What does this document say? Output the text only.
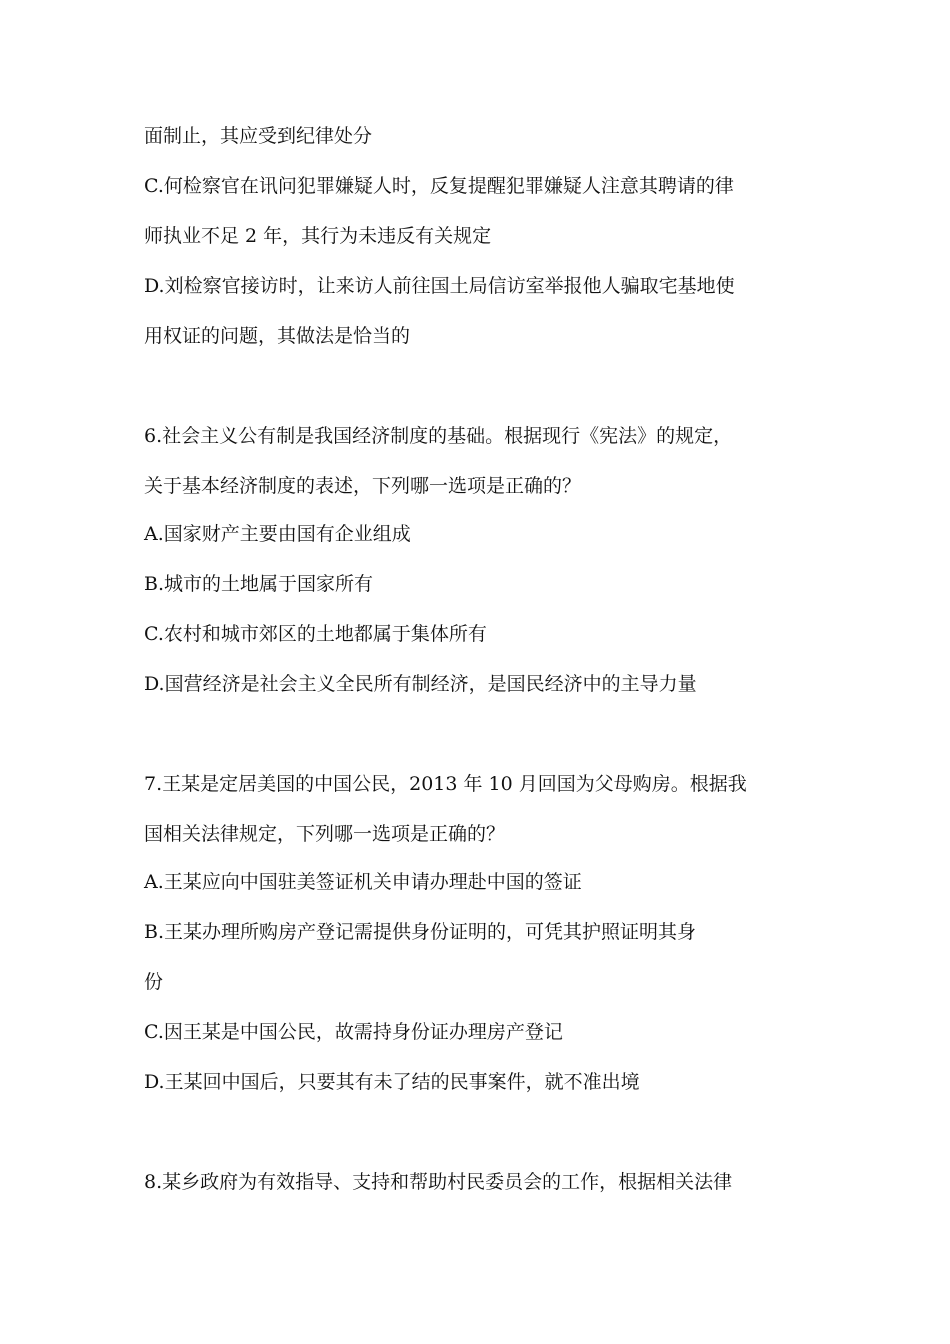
面制止，其应受到纪律处分
C.何检察官在讯问犯罪嫌疑人时，反复提醒犯罪嫌疑人注意其聘请的律
师执业不足 2 年，其行为未违反有关规定
D.刘检察官接访时，让来访人前往国土局信访室举报他人骗取宅基地使
用权证的问题，其做法是恰当的
6.社会主义公有制是我国经济制度的基础。根据现行《宪法》的规定，
关于基本经济制度的表述，下列哪一选项是正确的？
A.国家财产主要由国有企业组成
B.城市的土地属于国家所有
C.农村和城市郊区的土地都属于集体所有
D.国营经济是社会主义全民所有制经济，是国民经济中的主导力量
7.王某是定居美国的中国公民，2013 年 10 月回国为父母购房。根据我
国相关法律规定，下列哪一选项是正确的？
A.王某应向中国驻美签证机关申请办理赴中国的签证
B.王某办理所购房产登记需提供身份证明的，可凭其护照证明其身
份
C.因王某是中国公民，故需持身份证办理房产登记
D.王某回中国后，只要其有未了结的民事案件，就不准出境
8.某乡政府为有效指导、支持和帮助村民委员会的工作，根据相关法律
